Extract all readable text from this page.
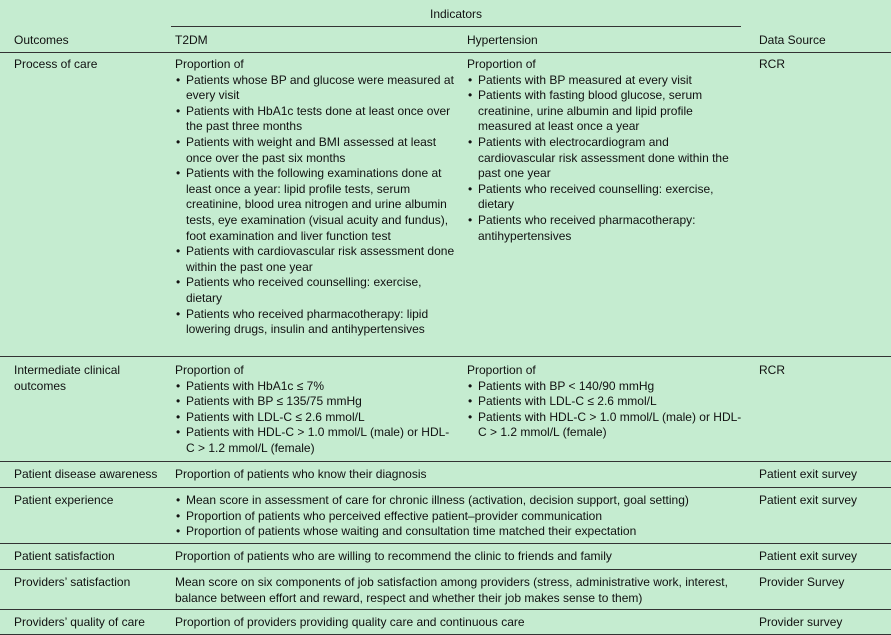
Indicators
Outcomes	T2DM	Hypertension	Data Source
Process of care	Proportion of
• Patients whose BP and glucose were measured at every visit
• Patients with HbA1c tests done at least once over the past three months
• Patients with weight and BMI assessed at least once over the past six months
• Patients with the following examinations done at least once a year: lipid profile tests, serum creatinine, blood urea nitrogen and urine albumin tests, eye examination (visual acuity and fundus), foot examination and liver function test
• Patients with cardiovascular risk assessment done within the past one year
• Patients who received counselling: exercise, dietary
• Patients who received pharmacotherapy: lipid lowering drugs, insulin and antihypertensives
Proportion of
• Patients with BP measured at every visit
• Patients with fasting blood glucose, serum creatinine, urine albumin and lipid profile measured at least once a year
• Patients with electrocardiogram and cardiovascular risk assessment done within the past one year
• Patients who received counselling: exercise, dietary
• Patients who received pharmacotherapy: antihypertensives
RCR
Intermediate clinical outcomes
Proportion of
• Patients with HbA1c ≤ 7%
• Patients with BP ≤ 135/75 mmHg
• Patients with LDL-C ≤ 2.6 mmol/L
• Patients with HDL-C > 1.0 mmol/L (male) or HDL-C > 1.2 mmol/L (female)
Proportion of
• Patients with BP < 140/90 mmHg
• Patients with LDL-C ≤ 2.6 mmol/L
• Patients with HDL-C > 1.0 mmol/L (male) or HDL-C > 1.2 mmol/L (female)
RCR
Patient disease awareness	Proportion of patients who know their diagnosis	Patient exit survey
Patient experience
•	Mean score in assessment of care for chronic illness (activation, decision support, goal setting)
• Proportion of patients who perceived effective patient–provider communication
• Proportion of patients whose waiting and consultation time matched their expectation
Patient exit survey
Patient satisfaction	Proportion of patients who are willing to recommend the clinic to friends and family	Patient exit survey
Providers’ satisfaction	Mean score on six components of job satisfaction among providers (stress, administrative work, interest, balance between effort and reward, respect and whether their job makes sense to them)
Provider Survey
Providers’ quality of care	Proportion of providers providing quality care and continuous care	Provider survey
